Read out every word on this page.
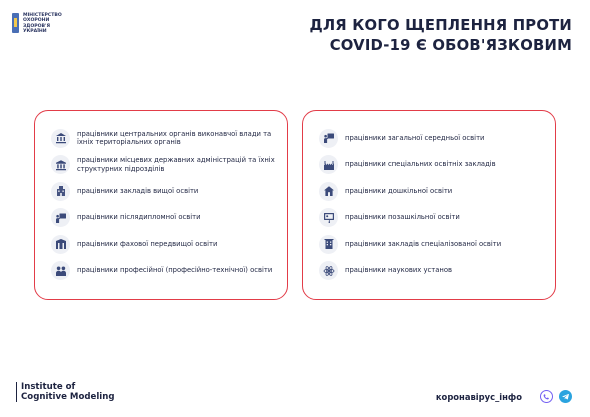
МІНІСТЕРСТВО ОХОРОНИ ЗДОРОВ'Я УКРАЇНИ	ДЛЯ КОГО ЩЕПЛЕННЯ ПРОТИ
COVID-19 Є ОБОВ'ЯЗКОВИМ
працівники центральних органів виконавчої влади та їхніх територіальних органів
працівники місцевих державних адміністрацій та їхніх структурних підрозділів
працівники закладів вищої освіти
працівники післядипломної освіти
працівники фахової передвищої освіти
працівники професійної (професійно-технічної) освіти
працівники загальної середньої освіти
працівники спеціальних освітніх закладів
працівники дошкільної освіти
працівники позашкільної освіти
працівники закладів спеціалізованої освіти
працівники наукових установ
Institute of
Cognitive Modeling	коронавірус_інфо
